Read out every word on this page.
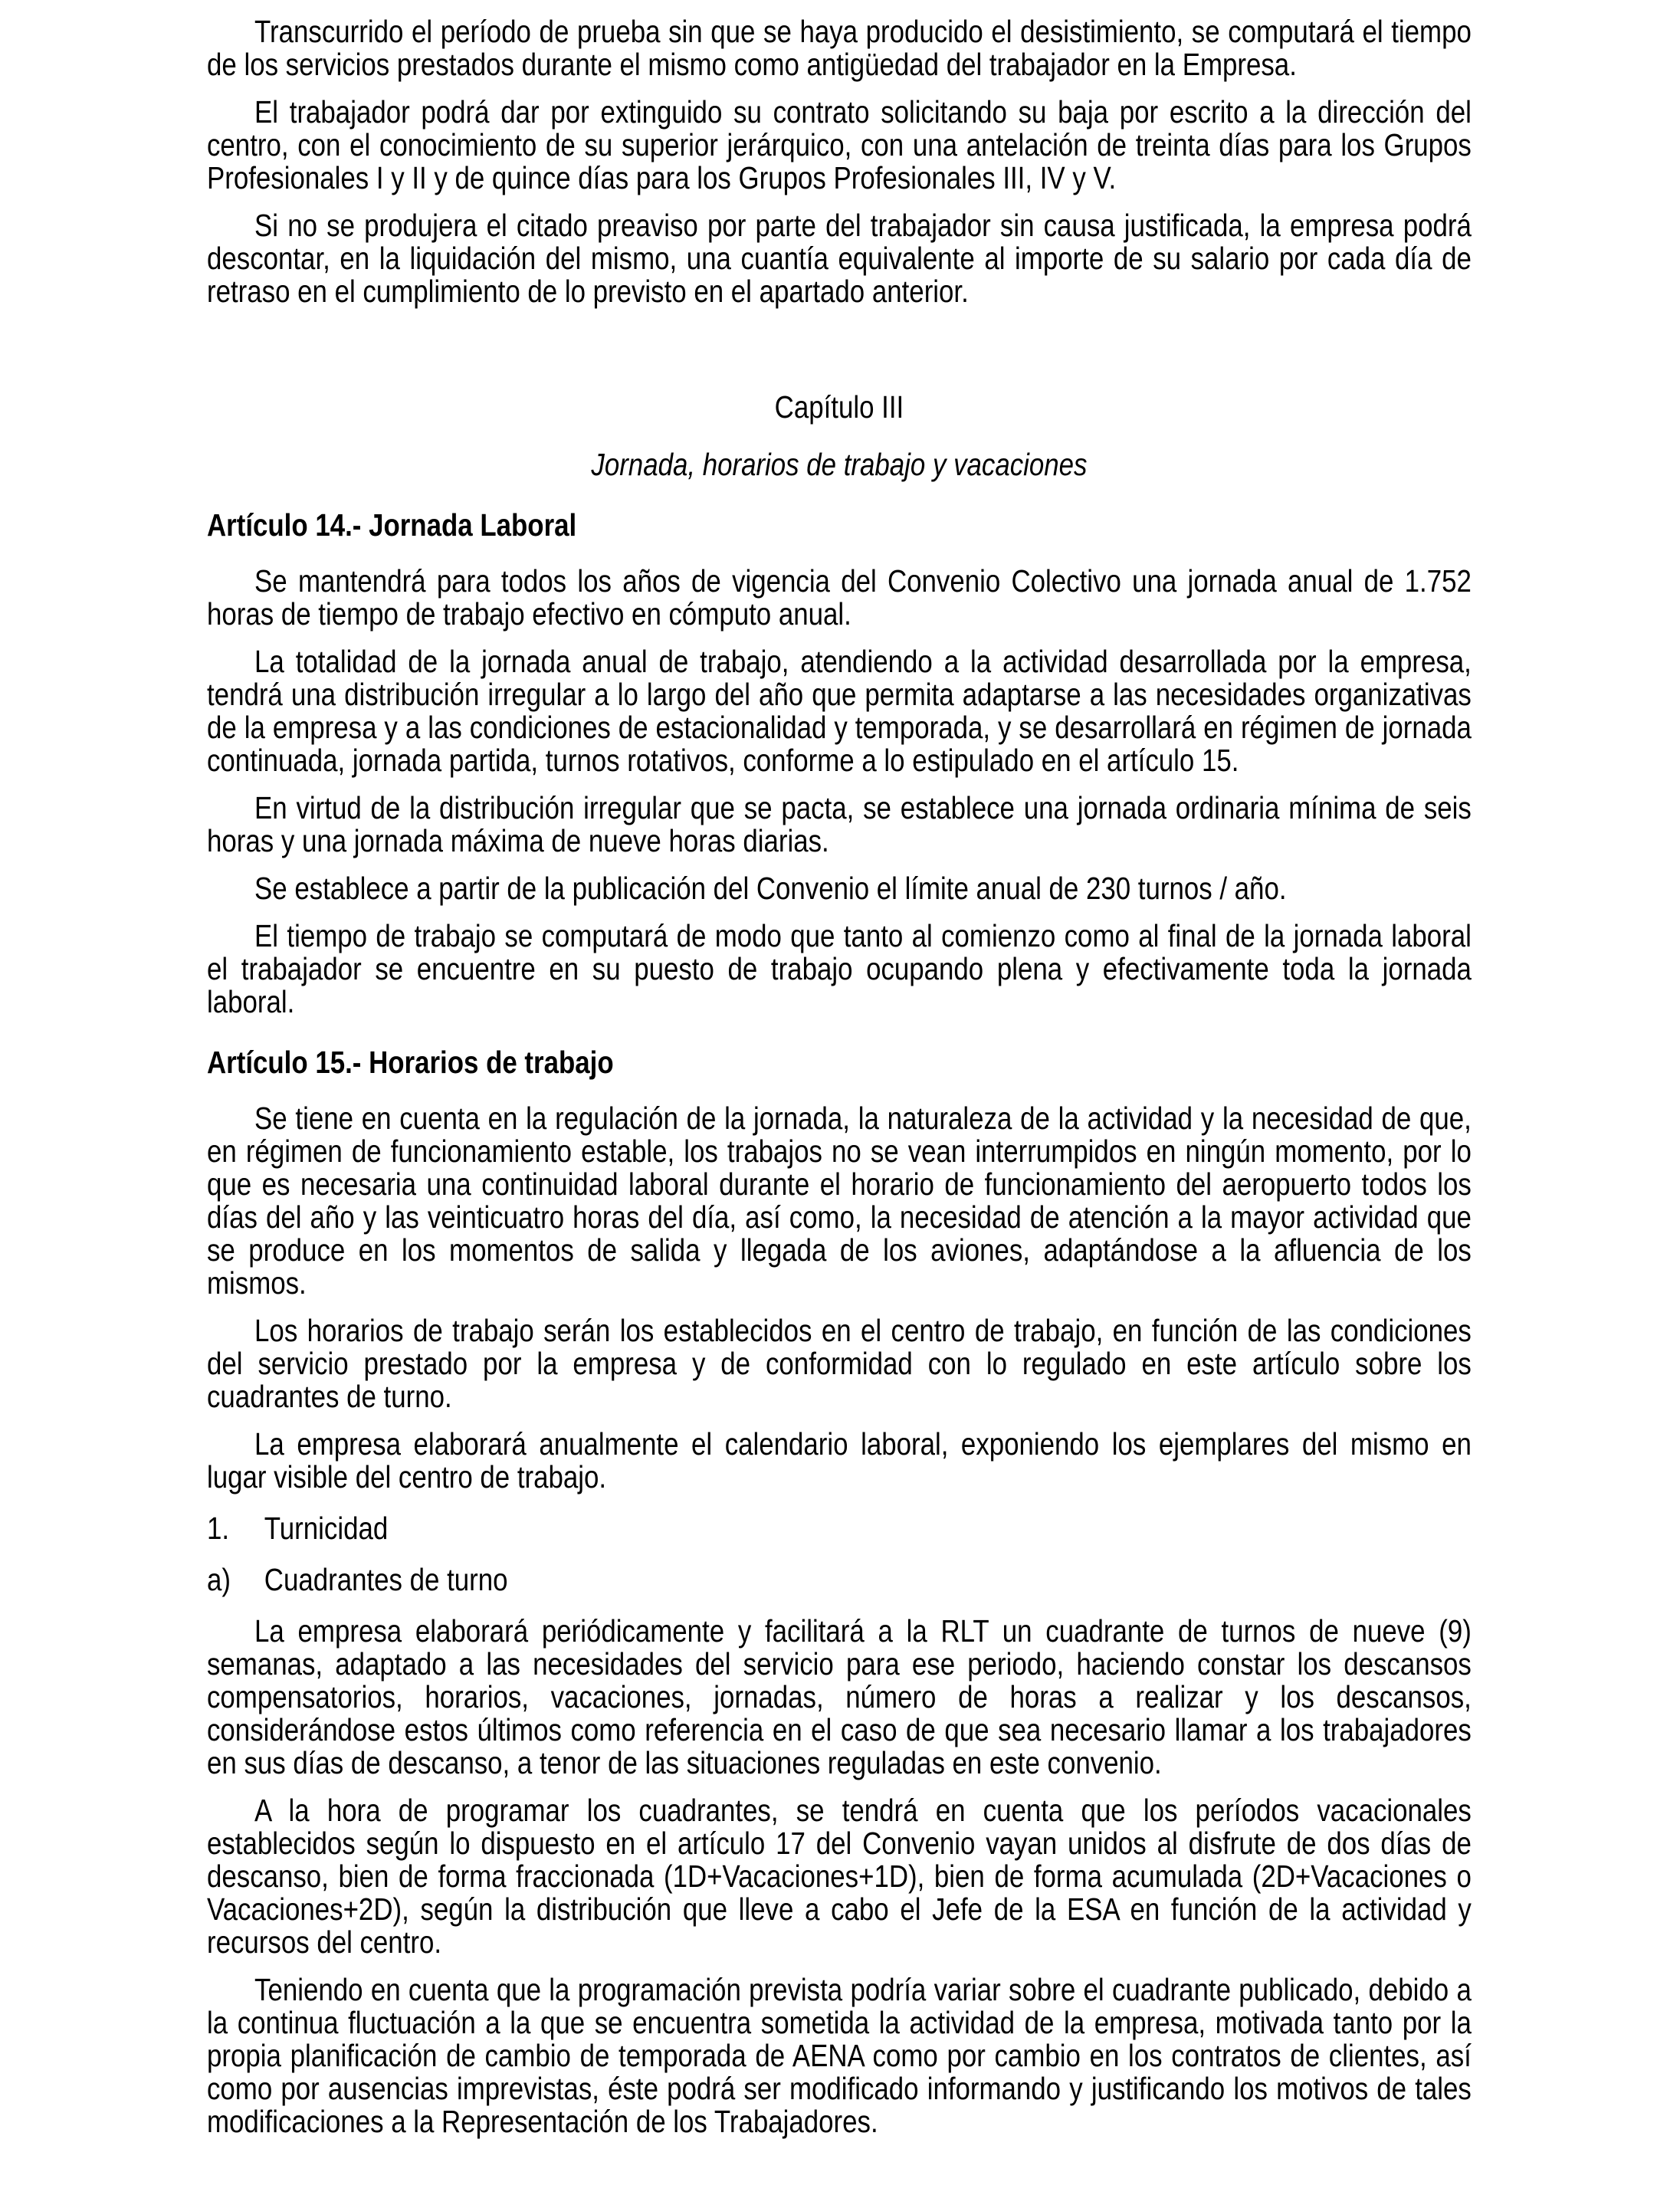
Transcurrido el período de prueba sin que se haya producido el desistimiento, se computará el tiempo de los servicios prestados durante el mismo como antigüedad del trabajador en la Empresa.

El trabajador podrá dar por extinguido su contrato solicitando su baja por escrito a la dirección del centro, con el conocimiento de su superior jerárquico, con una antelación de treinta días para los Grupos Profesionales I y II y de quince días para los Grupos Profesionales III, IV y V.

Si no se produjera el citado preaviso por parte del trabajador sin causa justificada, la empresa podrá descontar, en la liquidación del mismo, una cuantía equivalente al importe de su salario por cada día de retraso en el cumplimiento de lo previsto en el apartado anterior.

Capítulo III

Jornada, horarios de trabajo y vacaciones

Artículo 14.- Jornada Laboral

Se mantendrá para todos los años de vigencia del Convenio Colectivo una jornada anual de 1.752 horas de tiempo de trabajo efectivo en cómputo anual.

La totalidad de la jornada anual de trabajo, atendiendo a la actividad desarrollada por la empresa, tendrá una distribución irregular a lo largo del año que permita adaptarse a las necesidades organizativas de la empresa y a las condiciones de estacionalidad y temporada, y se desarrollará en régimen de jornada continuada, jornada partida, turnos rotativos, conforme a lo estipulado en el artículo 15.

En virtud de la distribución irregular que se pacta, se establece una jornada ordinaria mínima de seis horas y una jornada máxima de nueve horas diarias.

Se establece a partir de la publicación del Convenio el límite anual de 230 turnos / año.

El tiempo de trabajo se computará de modo que tanto al comienzo como al final de la jornada laboral el trabajador se encuentre en su puesto de trabajo ocupando plena y efectivamente toda la jornada laboral.

Artículo 15.- Horarios de trabajo

Se tiene en cuenta en la regulación de la jornada, la naturaleza de la actividad y la necesidad de que, en régimen de funcionamiento estable, los trabajos no se vean interrumpidos en ningún momento, por lo que es necesaria una continuidad laboral durante el horario de funcionamiento del aeropuerto todos los días del año y las veinticuatro horas del día, así como, la necesidad de atención a la mayor actividad que se produce en los momentos de salida y llegada de los aviones, adaptándose a la afluencia de los mismos.

Los horarios de trabajo serán los establecidos en el centro de trabajo, en función de las condiciones del servicio prestado por la empresa y de conformidad con lo regulado en este artículo sobre los cuadrantes de turno.

La empresa elaborará anualmente el calendario laboral, exponiendo los ejemplares del mismo en lugar visible del centro de trabajo.

1. Turnicidad

a) Cuadrantes de turno

La empresa elaborará periódicamente y facilitará a la RLT un cuadrante de turnos de nueve (9) semanas, adaptado a las necesidades del servicio para ese periodo, haciendo constar los descansos compensatorios, horarios, vacaciones, jornadas, número de horas a realizar y los descansos, considerándose estos últimos como referencia en el caso de que sea necesario llamar a los trabajadores en sus días de descanso, a tenor de las situaciones reguladas en este convenio.

A la hora de programar los cuadrantes, se tendrá en cuenta que los períodos vacacionales establecidos según lo dispuesto en el artículo 17 del Convenio vayan unidos al disfrute de dos días de descanso, bien de forma fraccionada (1D+Vacaciones+1D), bien de forma acumulada (2D+Vacaciones o Vacaciones+2D), según la distribución que lleve a cabo el Jefe de la ESA en función de la actividad y recursos del centro.

Teniendo en cuenta que la programación prevista podría variar sobre el cuadrante publicado, debido a la continua fluctuación a la que se encuentra sometida la actividad de la empresa, motivada tanto por la propia planificación de cambio de temporada de AENA como por cambio en los contratos de clientes, así como por ausencias imprevistas, éste podrá ser modificado informando y justificando los motivos de tales modificaciones a la Representación de los Trabajadores.
